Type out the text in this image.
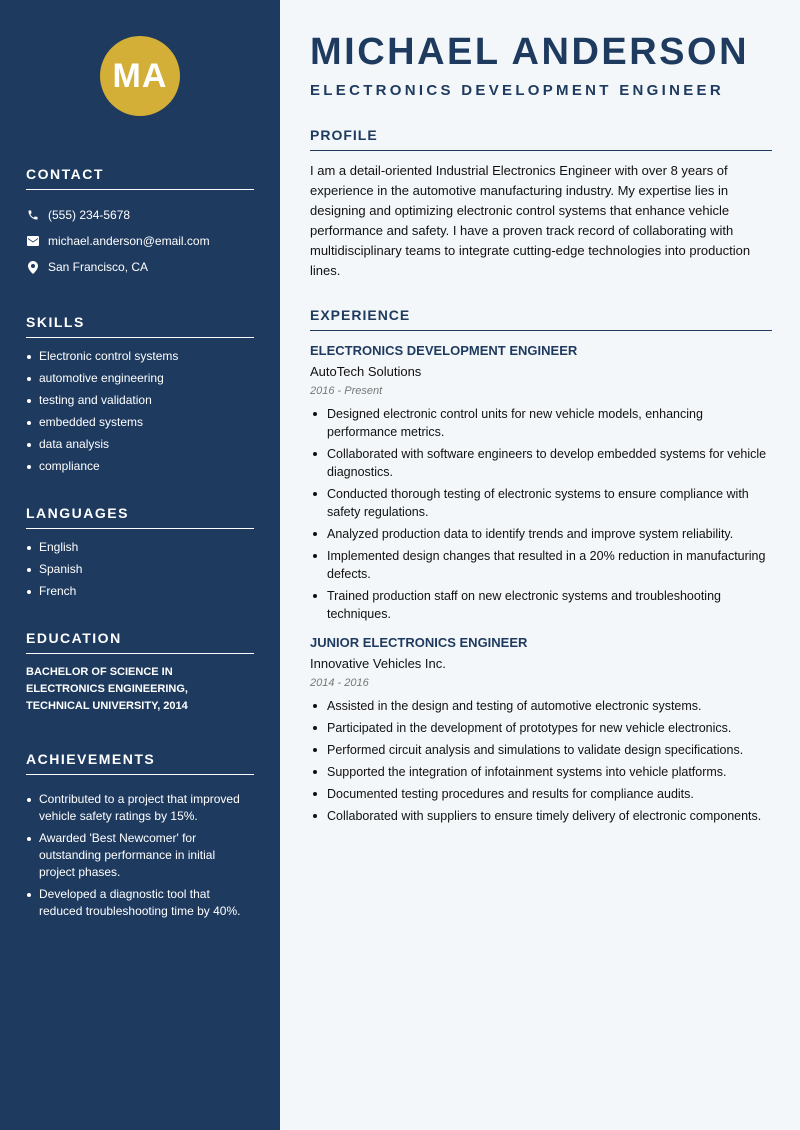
MA
CONTACT
(555) 234-5678
michael.anderson@email.com
San Francisco, CA
SKILLS
Electronic control systems
automotive engineering
testing and validation
embedded systems
data analysis
compliance
LANGUAGES
English
Spanish
French
EDUCATION

BACHELOR OF SCIENCE IN ELECTRONICS ENGINEERING, TECHNICAL UNIVERSITY, 2014

ACHIEVEMENTS
Contributed to a project that improved vehicle safety ratings by 15%.
Awarded 'Best Newcomer' for outstanding performance in initial project phases.
Developed a diagnostic tool that reduced troubleshooting time by 40%.
MICHAEL ANDERSON
ELECTRONICS DEVELOPMENT ENGINEER
PROFILE

I am a detail-oriented Industrial Electronics Engineer with over 8 years of experience in the automotive manufacturing industry. My expertise lies in designing and optimizing electronic control systems that enhance vehicle performance and safety. I have a proven track record of collaborating with multidisciplinary teams to integrate cutting-edge technologies into production lines.

EXPERIENCE
ELECTRONICS DEVELOPMENT ENGINEER
AutoTech Solutions
2016 - Present
Designed electronic control units for new vehicle models, enhancing performance metrics.
Collaborated with software engineers to develop embedded systems for vehicle diagnostics.
Conducted thorough testing of electronic systems to ensure compliance with safety regulations.
Analyzed production data to identify trends and improve system reliability.
Implemented design changes that resulted in a 20% reduction in manufacturing defects.
Trained production staff on new electronic systems and troubleshooting techniques.
JUNIOR ELECTRONICS ENGINEER
Innovative Vehicles Inc.
2014 - 2016
Assisted in the design and testing of automotive electronic systems.
Participated in the development of prototypes for new vehicle electronics.
Performed circuit analysis and simulations to validate design specifications.
Supported the integration of infotainment systems into vehicle platforms.
Documented testing procedures and results for compliance audits.
Collaborated with suppliers to ensure timely delivery of electronic components.
